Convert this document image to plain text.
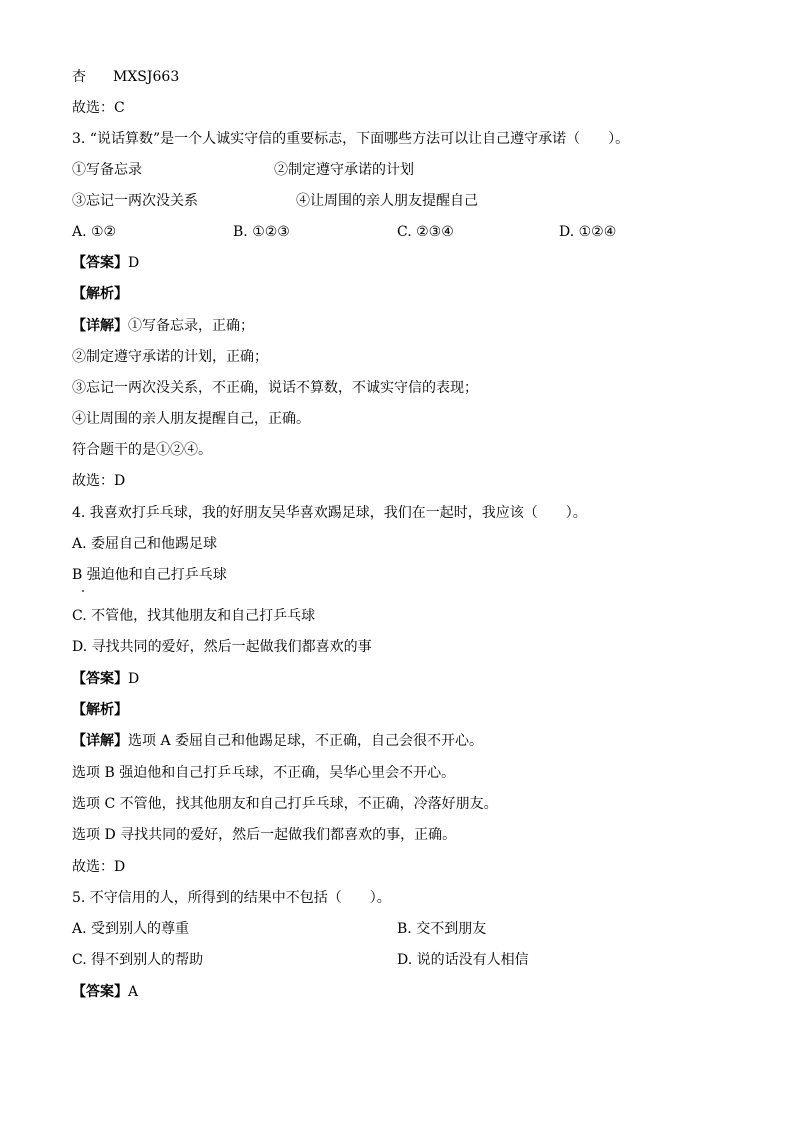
杏 MXSJ663
故选：C
3. “说话算数”是一个人诚实守信的重要标志，下面哪些方法可以让自己遵守承诺（　　）。
①写备忘录	②制定遵守承诺的计划
③忘记一两次没关系	④让周围的亲人朋友提醒自己
A. ①②	B. ①②③	C. ②③④	D. ①②④
【答案】D
【解析】
【详解】①写备忘录，正确；
②制定遵守承诺的计划，正确；
③忘记一两次没关系，不正确，说话不算数，不诚实守信的表现；
④让周围的亲人朋友提醒自己，正确。
符合题干的是①②④。
故选：D
4. 我喜欢打乒乓球，我的好朋友吴华喜欢踢足球，我们在一起时，我应该（　　）。
A. 委屈自己和他踢足球
B 强迫他和自己打乒乓球
C. 不管他，找其他朋友和自己打乒乓球
D. 寻找共同的爱好，然后一起做我们都喜欢的事
【答案】D
【解析】
【详解】选项 A 委屈自己和他踢足球，不正确，自己会很不开心。
选项 B 强迫他和自己打乒乓球，不正确，吴华心里会不开心。
选项 C 不管他，找其他朋友和自己打乒乓球，不正确，冷落好朋友。
选项 D 寻找共同的爱好，然后一起做我们都喜欢的事，正确。
故选：D
5. 不守信用的人，所得到的结果中不包括（　　）。
A. 受到别人的尊重	B. 交不到朋友
C. 得不到别人的帮助	D. 说的话没有人相信
【答案】A
